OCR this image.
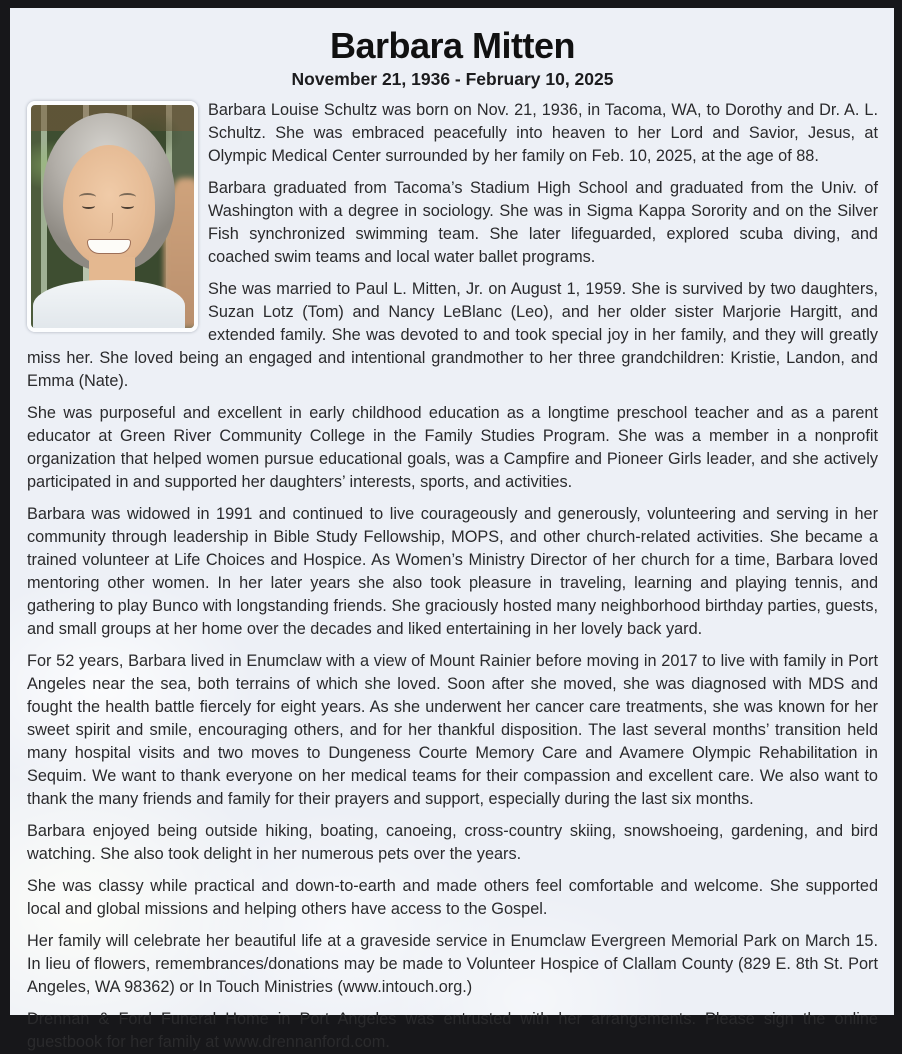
Barbara Mitten
November 21, 1936 - February 10, 2025

Barbara Louise Schultz was born on Nov. 21, 1936, in Tacoma, WA, to Dorothy and Dr. A. L. Schultz. She was embraced peacefully into heaven to her Lord and Savior, Jesus, at Olympic Medical Center surrounded by her family on Feb. 10, 2025, at the age of 88.

Barbara graduated from Tacoma’s Stadium High School and graduated from the Univ. of Washington with a degree in sociology. She was in Sigma Kappa Sorority and on the Silver Fish synchronized swimming team. She later lifeguarded, explored scuba diving, and coached swim teams and local water ballet programs.

She was married to Paul L. Mitten, Jr. on August 1, 1959. She is survived by two daughters, Suzan Lotz (Tom) and Nancy LeBlanc (Leo), and her older sister Marjorie Hargitt, and extended family. She was devoted to and took special joy in her family, and they will greatly miss her. She loved being an engaged and intentional grandmother to her three grandchildren: Kristie, Landon, and Emma (Nate).

She was purposeful and excellent in early childhood education as a longtime preschool teacher and as a parent educator at Green River Community College in the Family Studies Program. She was a member in a nonprofit organization that helped women pursue educational goals, was a Campfire and Pioneer Girls leader, and she actively participated in and supported her daughters’ interests, sports, and activities.

Barbara was widowed in 1991 and continued to live courageously and generously, volunteering and serving in her community through leadership in Bible Study Fellowship, MOPS, and other church-related activities. She became a trained volunteer at Life Choices and Hospice. As Women’s Ministry Director of her church for a time, Barbara loved mentoring other women. In her later years she also took pleasure in traveling, learning and playing tennis, and gathering to play Bunco with longstanding friends. She graciously hosted many neighborhood birthday parties, guests, and small groups at her home over the decades and liked entertaining in her lovely back yard.

For 52 years, Barbara lived in Enumclaw with a view of Mount Rainier before moving in 2017 to live with family in Port Angeles near the sea, both terrains of which she loved. Soon after she moved, she was diagnosed with MDS and fought the health battle fiercely for eight years. As she underwent her cancer care treatments, she was known for her sweet spirit and smile, encouraging others, and for her thankful disposition. The last several months’ transition held many hospital visits and two moves to Dungeness Courte Memory Care and Avamere Olympic Rehabilitation in Sequim. We want to thank everyone on her medical teams for their compassion and excellent care. We also want to thank the many friends and family for their prayers and support, especially during the last six months.

Barbara enjoyed being outside hiking, boating, canoeing, cross-country skiing, snowshoeing, gardening, and bird watching. She also took delight in her numerous pets over the years.

She was classy while practical and down-to-earth and made others feel comfortable and welcome. She supported local and global missions and helping others have access to the Gospel.

Her family will celebrate her beautiful life at a graveside service in Enumclaw Evergreen Memorial Park on March 15. In lieu of flowers, remembrances/donations may be made to Volunteer Hospice of Clallam County (829 E. 8th St. Port Angeles, WA 98362) or In Touch Ministries (www.intouch.org.)

Drennan & Ford Funeral Home in Port Angeles was entrusted with her arrangements. Please sign the online guestbook for her family at www.drennanford.com.
